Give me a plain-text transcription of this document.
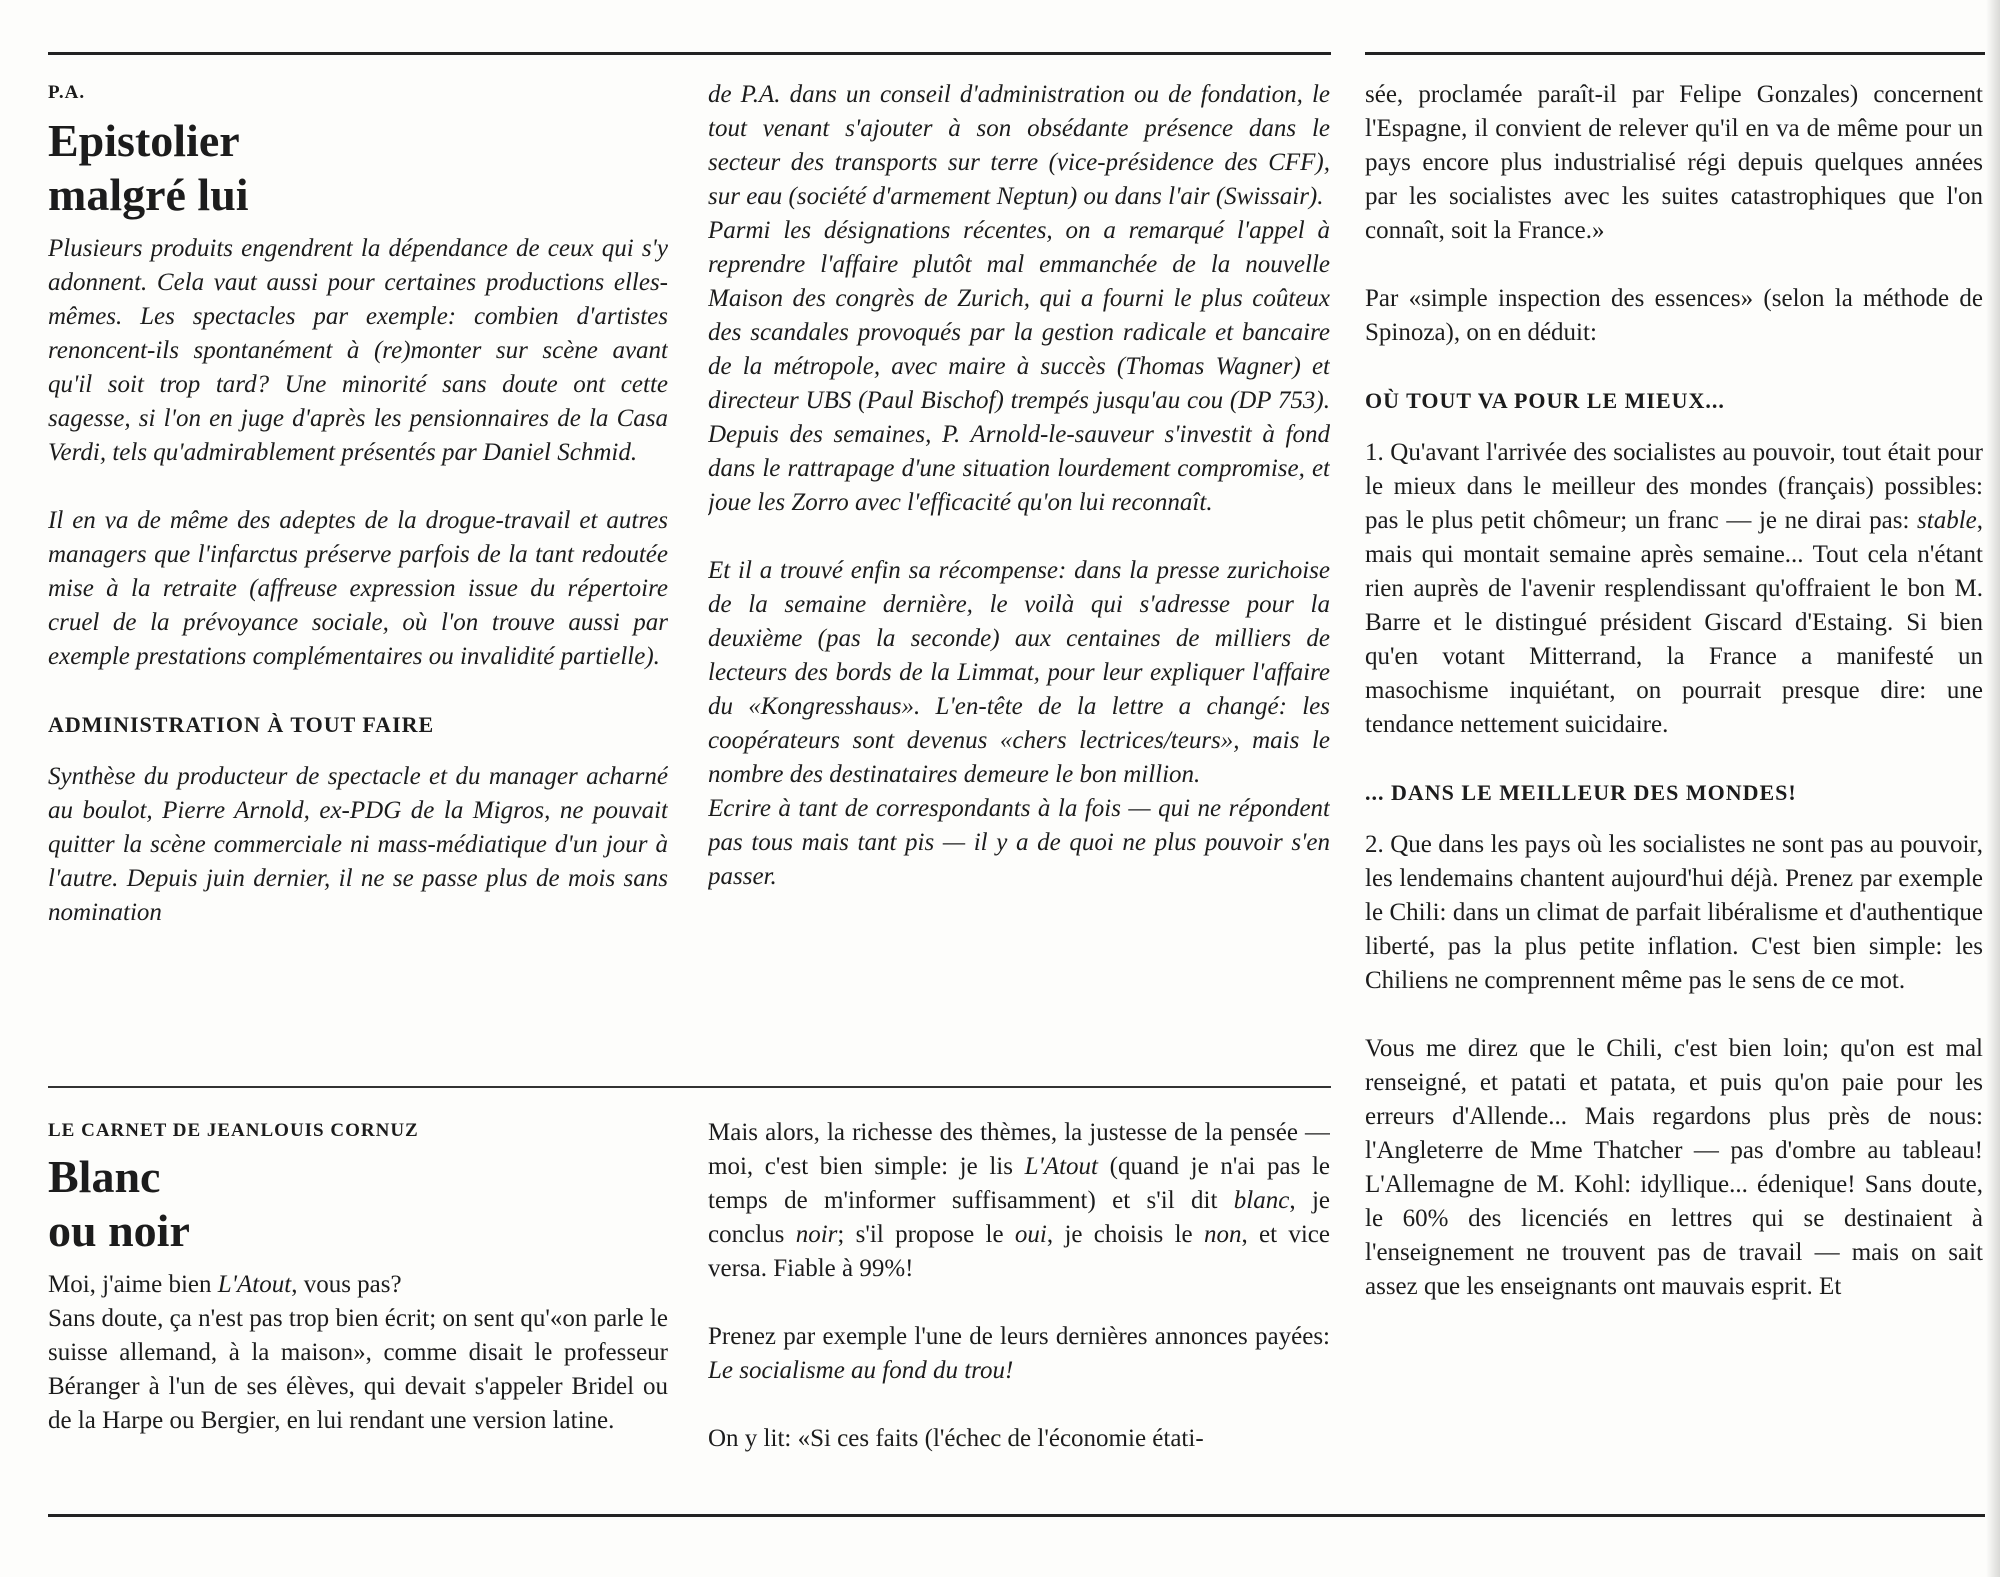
P.A.

Epistolier
malgré lui

Plusieurs produits engendrent la dépendance de ceux qui s'y adonnent. Cela vaut aussi pour certaines productions elles-mêmes. Les spectacles par exemple: combien d'artistes renoncent-ils spontanément à (re)monter sur scène avant qu'il soit trop tard? Une minorité sans doute ont cette sagesse, si l'on en juge d'après les pensionnaires de la Casa Verdi, tels qu'admirablement présentés par Daniel Schmid.

Il en va de même des adeptes de la drogue-travail et autres managers que l'infarctus préserve parfois de la tant redoutée mise à la retraite (affreuse expression issue du répertoire cruel de la prévoyance sociale, où l'on trouve aussi par exemple prestations complémentaires ou invalidité partielle).

ADMINISTRATION À TOUT FAIRE

Synthèse du producteur de spectacle et du manager acharné au boulot, Pierre Arnold, ex-PDG de la Migros, ne pouvait quitter la scène commerciale ni mass-médiatique d'un jour à l'autre. Depuis juin dernier, il ne se passe plus de mois sans nomination

de P.A. dans un conseil d'administration ou de fondation, le tout venant s'ajouter à son obsédante présence dans le secteur des transports sur terre (vice-présidence des CFF), sur eau (société d'armement Neptun) ou dans l'air (Swissair).

Parmi les désignations récentes, on a remarqué l'appel à reprendre l'affaire plutôt mal emmanchée de la nouvelle Maison des congrès de Zurich, qui a fourni le plus coûteux des scandales provoqués par la gestion radicale et bancaire de la métropole, avec maire à succès (Thomas Wagner) et directeur UBS (Paul Bischof) trempés jusqu'au cou (DP 753). Depuis des semaines, P. Arnold-le-sauveur s'investit à fond dans le rattrapage d'une situation lourdement compromise, et joue les Zorro avec l'efficacité qu'on lui reconnaît.

Et il a trouvé enfin sa récompense: dans la presse zurichoise de la semaine dernière, le voilà qui s'adresse pour la deuxième (pas la seconde) aux centaines de milliers de lecteurs des bords de la Limmat, pour leur expliquer l'affaire du «Kongresshaus». L'en-tête de la lettre a changé: les coopérateurs sont devenus «chers lectrices/teurs», mais le nombre des destinataires demeure le bon million.

Ecrire à tant de correspondants à la fois — qui ne répondent pas tous mais tant pis — il y a de quoi ne plus pouvoir s'en passer.

LE CARNET DE JEANLOUIS CORNUZ

Blanc
ou noir

Moi, j'aime bien L'Atout, vous pas?

Sans doute, ça n'est pas trop bien écrit; on sent qu'«on parle le suisse allemand, à la maison», comme disait le professeur Béranger à l'un de ses élèves, qui devait s'appeler Bridel ou de la Harpe ou Bergier, en lui rendant une version latine.

Mais alors, la richesse des thèmes, la justesse de la pensée — moi, c'est bien simple: je lis L'Atout (quand je n'ai pas le temps de m'informer suffisamment) et s'il dit blanc, je conclus noir; s'il propose le oui, je choisis le non, et vice versa. Fiable à 99%!

Prenez par exemple l'une de leurs dernières annonces payées: Le socialisme au fond du trou!

On y lit: «Si ces faits (l'échec de l'économie étati-

sée, proclamée paraît-il par Felipe Gonzales) concernent l'Espagne, il convient de relever qu'il en va de même pour un pays encore plus industrialisé régi depuis quelques années par les socialistes avec les suites catastrophiques que l'on connaît, soit la France.»

Par «simple inspection des essences» (selon la méthode de Spinoza), on en déduit:

OÙ TOUT VA POUR LE MIEUX...

1. Qu'avant l'arrivée des socialistes au pouvoir, tout était pour le mieux dans le meilleur des mondes (français) possibles: pas le plus petit chômeur; un franc — je ne dirai pas: stable, mais qui montait semaine après semaine... Tout cela n'étant rien auprès de l'avenir resplendissant qu'offraient le bon M. Barre et le distingué président Giscard d'Estaing. Si bien qu'en votant Mitterrand, la France a manifesté un masochisme inquiétant, on pourrait presque dire: une tendance nettement suicidaire.

... DANS LE MEILLEUR DES MONDES!

2. Que dans les pays où les socialistes ne sont pas au pouvoir, les lendemains chantent aujourd'hui déjà. Prenez par exemple le Chili: dans un climat de parfait libéralisme et d'authentique liberté, pas la plus petite inflation. C'est bien simple: les Chiliens ne comprennent même pas le sens de ce mot.

Vous me direz que le Chili, c'est bien loin; qu'on est mal renseigné, et patati et patata, et puis qu'on paie pour les erreurs d'Allende... Mais regardons plus près de nous: l'Angleterre de Mme Thatcher — pas d'ombre au tableau! L'Allemagne de M. Kohl: idyllique... édenique! Sans doute, le 60% des licenciés en lettres qui se destinaient à l'enseignement ne trouvent pas de travail — mais on sait assez que les enseignants ont mauvais esprit. Et
